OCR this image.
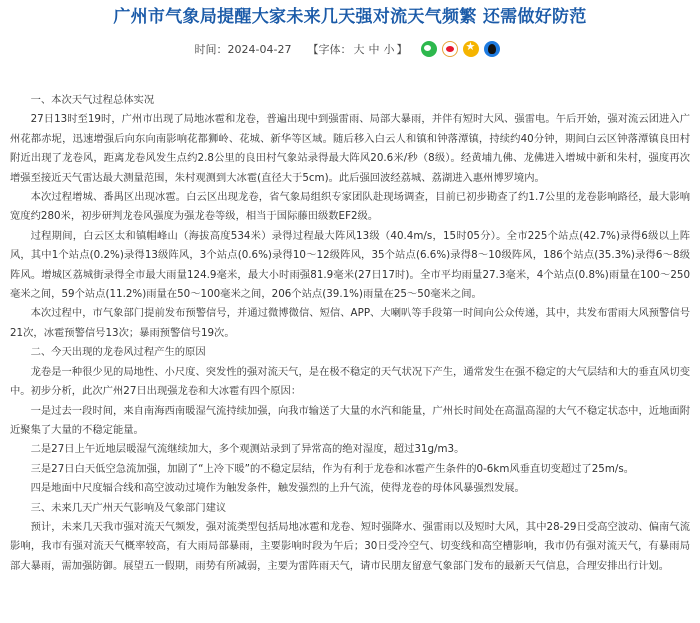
广州市气象局提醒大家未来几天强对流天气频繁 还需做好防范
时间：2024-04-27 【字体： 大 中 小 】
★

一、本次天气过程总体实况

27日13时至19时，广州市出现了局地冰雹和龙卷，普遍出现中到强雷雨、局部大暴雨，并伴有短时大风、强雷电。午后开始，强对流云团进入广州花都赤坭，迅速增强后向东向南影响花都狮岭、花城、新华等区域。随后移入白云人和镇和钟落潭镇，持续约40分钟，期间白云区钟落潭镇良田村附近出现了龙卷风，距离龙卷风发生点约2.8公里的良田村气象站录得最大阵风20.6米/秒（8级）。经黄埔九佛、龙佛进入增城中新和朱村，强度再次增强至接近天气雷达最大测量范围，朱村观测到大冰雹(直径大于5cm)。此后强回波经荔城、荔湖进入惠州博罗境内。

本次过程增城、番禺区出现冰雹。白云区出现龙卷，省气象局组织专家团队赴现场调查，目前已初步勘查了约1.7公里的龙卷影响路径，最大影响宽度约280米，初步研判龙卷风强度为强龙卷等级，相当于国际藤田级数EF2级。

过程期间，白云区太和镇帽峰山（海拔高度534米）录得过程最大阵风13级（40.4m/s，15时05分）。全市225个站点(42.7%)录得6级以上阵风，其中1个站点(0.2%)录得13级阵风，3个站点(0.6%)录得10～12级阵风，35个站点(6.6%)录得8～10级阵风，186个站点(35.3%)录得6～8级阵风。增城区荔城街录得全市最大雨量124.9毫米，最大小时雨强81.9毫米(27日17时)。全市平均雨量27.3毫米，4个站点(0.8%)雨量在100～250毫米之间，59个站点(11.2%)雨量在50～100毫米之间，206个站点(39.1%)雨量在25～50毫米之间。

本次过程中，市气象部门提前发布预警信号，并通过微博微信、短信、APP、大喇叭等手段第一时间向公众传递，其中，共发布雷雨大风预警信号21次，冰雹预警信号13次；暴雨预警信号19次。

二、今天出现的龙卷风过程产生的原因

龙卷是一种很少见的局地性、小尺度、突发性的强对流天气，是在极不稳定的天气状况下产生，通常发生在强不稳定的大气层结和大的垂直风切变中。初步分析，此次广州27日出现强龙卷和大冰雹有四个原因：

一是过去一段时间，来自南海西南暖湿气流持续加强，向我市输送了大量的水汽和能量，广州长时间处在高温高湿的大气不稳定状态中，近地面附近聚集了大量的不稳定能量。

二是27日上午近地层暖湿气流继续加大，多个观测站录到了异常高的绝对湿度，超过31g/m3。

三是27日白天低空急流加强，加剧了“上冷下暖”的不稳定层结，作为有利于龙卷和冰雹产生条件的0-6km风垂直切变超过了25m/s。

四是地面中尺度辐合线和高空波动过境作为触发条件，触发强烈的上升气流，使得龙卷的母体风暴强烈发展。

三、未来几天广州天气影响及气象部门建议

预计，未来几天我市强对流天气频发，强对流类型包括局地冰雹和龙卷、短时强降水、强雷雨以及短时大风，其中28-29日受高空波动、偏南气流影响，我市有强对流天气概率较高，有大雨局部暴雨，主要影响时段为午后；30日受冷空气、切变线和高空槽影响，我市仍有强对流天气，有暴雨局部大暴雨，需加强防御。展望五一假期，雨势有所减弱，主要为雷阵雨天气，请市民朋友留意气象部门发布的最新天气信息，合理安排出行计划。
